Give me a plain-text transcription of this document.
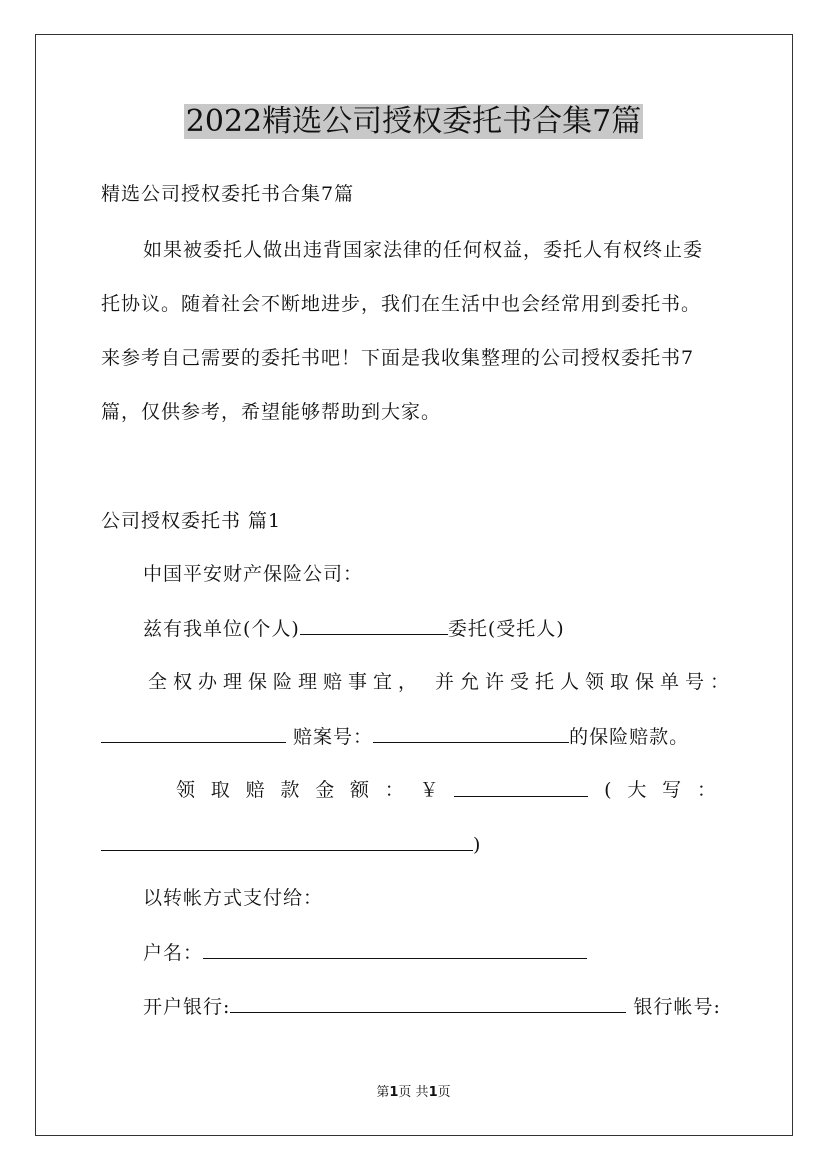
2022精选公司授权委托书合集7篇
精选公司授权委托书合集7篇
如果被委托人做出违背国家法律的任何权益，委托人有权终止委
托协议。随着社会不断地进步，我们在生活中也会经常用到委托书。
来参考自己需要的委托书吧！下面是我收集整理的公司授权委托书7
篇，仅供参考，希望能够帮助到大家。
公司授权委托书 篇1
中国平安财产保险公司：
兹有我单位(个人)	委托(受托人)
全权办理保险理赔事宜， 并允许受托人领取保单号：
赔案号：	的保险赔款。
领 取 赔 款 金 额 ： ￥	( 大 写 ：
)
以转帐方式支付给：
户名：
开户银行:	银行帐号:
第1页 共1页
